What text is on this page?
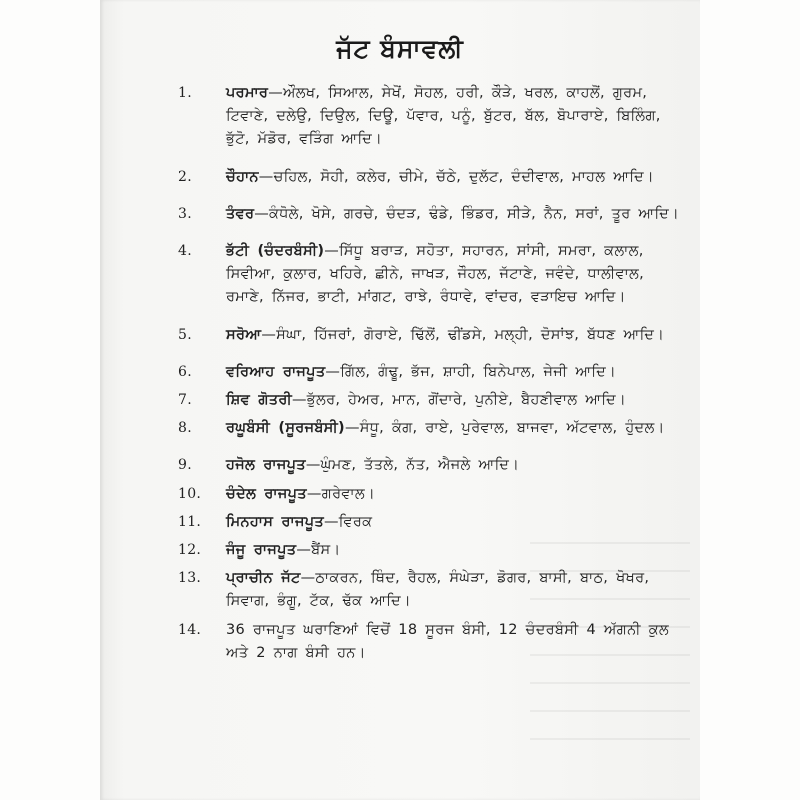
ਜੱਟ ਬੰਸਾਵਲੀ
1.	ਪਰਮਾਰ—ਔਲਖ, ਸਿਆਲ, ਸੇਖੋਂ, ਸੋਹਲ, ਹਰੀ, ਕੌੜੇ, ਖਰਲ, ਕਾਹਲੋਂ, ਗੁਰਮ, ਟਿਵਾਣੇ, ਦਲੇਉ, ਦਿਉਲ, ਦਿਊ, ਪੱਵਾਰ, ਪਨੂੰ, ਬੁੱਟਰ, ਬੱਲ, ਬੋਪਾਰਾਏ, ਬਿਲਿੰਗ, ਭੁੱਟੋ, ਮੱਡੋਰ, ਵੜਿੰਗ ਆਦਿ।
2.	ਚੌਹਾਨ—ਚਹਿਲ, ਸੋਹੀ, ਕਲੇਰ, ਚੀਮੇ, ਚੱਠੇ, ਦੁਲੱਟ, ਦੰਦੀਵਾਲ, ਮਾਹਲ ਆਦਿ।
3.	ਤੰਵਰ—ਕੰਧੋਲੇ, ਖੋਸੇ, ਗਰਚੇ, ਚੰਦੜ, ਢੰਡੇ, ਭਿੰਡਰ, ਸੀੜੇ, ਨੈਨ, ਸਰਾਂ, ਤੂਰ ਆਦਿ।
4.	ਭੱਟੀ (ਚੰਦਰਬੰਸੀ)—ਸਿੱਧੂ ਬਰਾੜ, ਸਹੋਤਾ, ਸਹਾਰਨ, ਸਾਂਸੀ, ਸਮਰਾ, ਕਲਾਲ, ਸਿਵੀਆ, ਕੁਲਾਰ, ਖਹਿਰੇ, ਛੀਨੇ, ਜਾਖੜ, ਜੌਹਲ, ਜੱਟਾਣੇ, ਜਵੰਦੇ, ਧਾਲੀਵਾਲ, ਰਮਾਣੇ, ਨਿੱਜਰ, ਭਾਟੀ, ਮਾਂਗਟ, ਰਾਝੇ, ਰੰਧਾਵੇ, ਵਾਂਦਰ, ਵੜਾਇਚ ਆਦਿ।
5.	ਸਰੋਆ—ਸੰਘਾ, ਹਿੱਜਰਾਂ, ਗੋਰਾਏ, ਢਿੱਲੋਂ, ਢੀਂਡਸੇ, ਮਲ੍ਹੀ, ਦੋਸਾਂਝ, ਬੱਧਣ ਆਦਿ।
6.	ਵਰਿਆਹ ਰਾਜਪੂਤ—ਗਿੱਲ, ਗੰਢੂ, ਭੱਜ, ਸ਼ਾਹੀ, ਬਿਨੇਪਾਲ, ਜੇਜੀ ਆਦਿ।
7.	ਸ਼ਿਵ ਗੋਤਰੀ—ਭੁੱਲਰ, ਹੇਅਰ, ਮਾਨ, ਗੋਂਦਾਰੇ, ਪੁਨੀਏ, ਬੈਹਣੀਵਾਲ ਆਦਿ।
8.	ਰਘੂਬੰਸੀ (ਸੂਰਜਬੰਸੀ)—ਸੰਧੂ, ਕੰਗ, ਰਾਏ, ਪੁਰੇਵਾਲ, ਬਾਜਵਾ, ਅੱਟਵਾਲ, ਹੁੰਦਲ।
9.	ਹਜੋਲ ਰਾਜਪੂਤ—ਘੁੰਮਣ, ਤੱਤਲੇ, ਨੱਤ, ਐਜਲੇ ਆਦਿ।
10.	ਚੰਦੇਲ ਰਾਜਪੂਤ—ਗਰੇਵਾਲ।
11.	ਮਿਨਹਾਸ ਰਾਜਪੂਤ—ਵਿਰਕ
12.	ਜੰਜੂ ਰਾਜਪੂਤ—ਬੈਂਸ।
13.	ਪ੍ਰਾਚੀਨ ਜੱਟ—ਠਾਕਰਨ, ਥਿੰਦ, ਰੈਹਲ, ਸੰਘੇੜਾ, ਡੋਗਰ, ਬਾਸੀ, ਬਾਠ, ਖੋਖਰ, ਸਿਵਾਗ, ਭੰਗੂ, ਟੱਕ, ਢੱਕ ਆਦਿ।
14.	36 ਰਾਜਪੂਤ ਘਰਾਣਿਆਂ ਵਿਚੋਂ 18 ਸੂਰਜ ਬੰਸੀ, 12 ਚੰਦਰਬੰਸੀ 4 ਅੱਗਨੀ ਕੁਲ ਅਤੇ 2 ਨਾਗ ਬੰਸੀ ਹਨ।
